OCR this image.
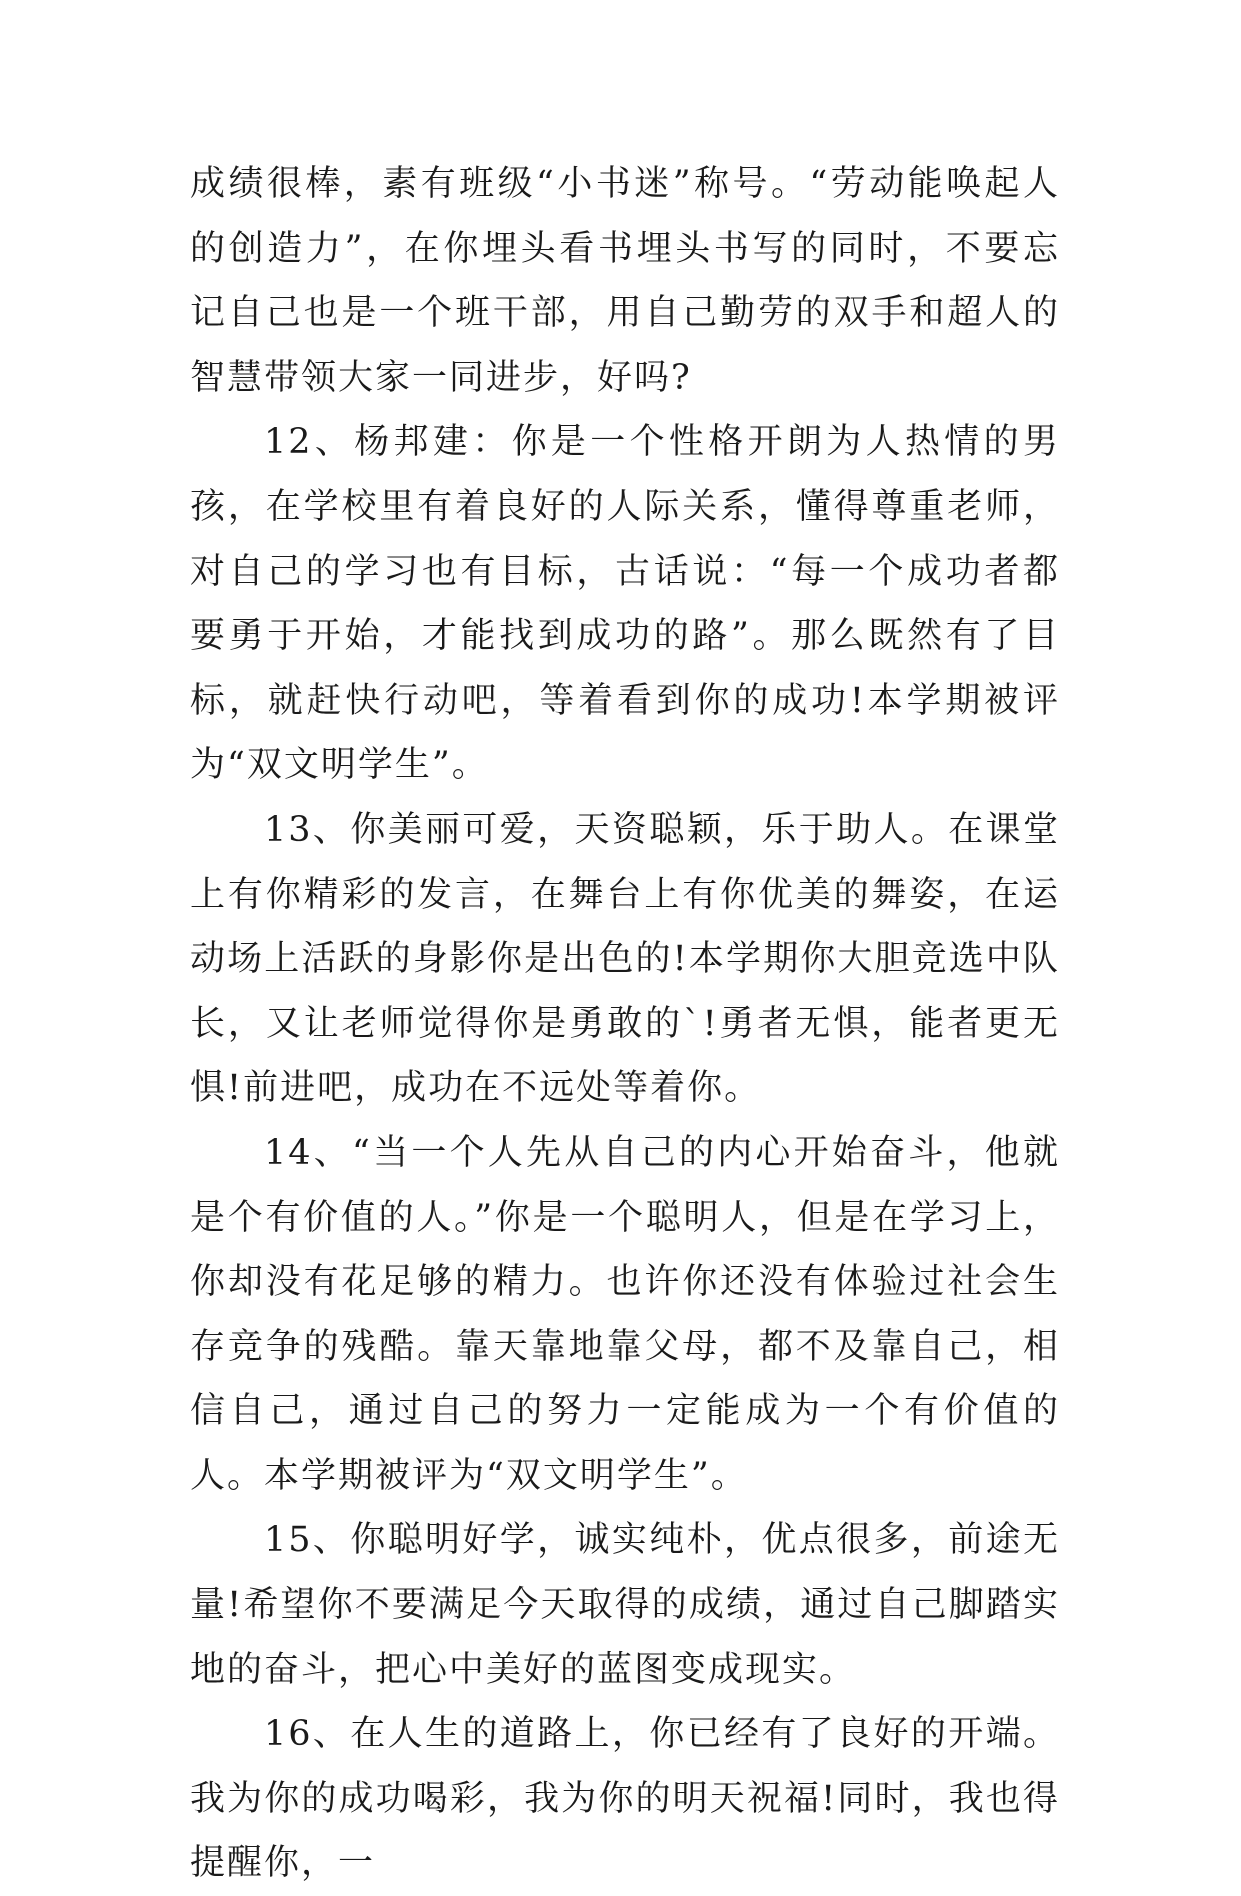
成绩很棒，素有班级“小书迷”称号。“劳动能唤起人的创造力”，在你埋头看书埋头书写的同时，不要忘记自己也是一个班干部，用自己勤劳的双手和超人的智慧带领大家一同进步，好吗?

12、杨邦建：你是一个性格开朗为人热情的男孩，在学校里有着良好的人际关系，懂得尊重老师，对自己的学习也有目标，古话说：“每一个成功者都要勇于开始，才能找到成功的路”。那么既然有了目标，就赶快行动吧，等着看到你的成功!本学期被评为“双文明学生”。

13、你美丽可爱，天资聪颖，乐于助人。在课堂上有你精彩的发言，在舞台上有你优美的舞姿，在运动场上活跃的身影你是出色的!本学期你大胆竞选中队长，又让老师觉得你是勇敢的`!勇者无惧，能者更无惧!前进吧，成功在不远处等着你。

14、“当一个人先从自己的内心开始奋斗，他就是个有价值的人。”你是一个聪明人，但是在学习上，你却没有花足够的精力。也许你还没有体验过社会生存竞争的残酷。靠天靠地靠父母，都不及靠自己，相信自己，通过自己的努力一定能成为一个有价值的人。本学期被评为“双文明学生”。

15、你聪明好学，诚实纯朴，优点很多，前途无量!希望你不要满足今天取得的成绩，通过自己脚踏实地的奋斗，把心中美好的蓝图变成现实。

16、在人生的道路上，你已经有了良好的开端。我为你的成功喝彩，我为你的明天祝福!同时，我也得提醒你，一
